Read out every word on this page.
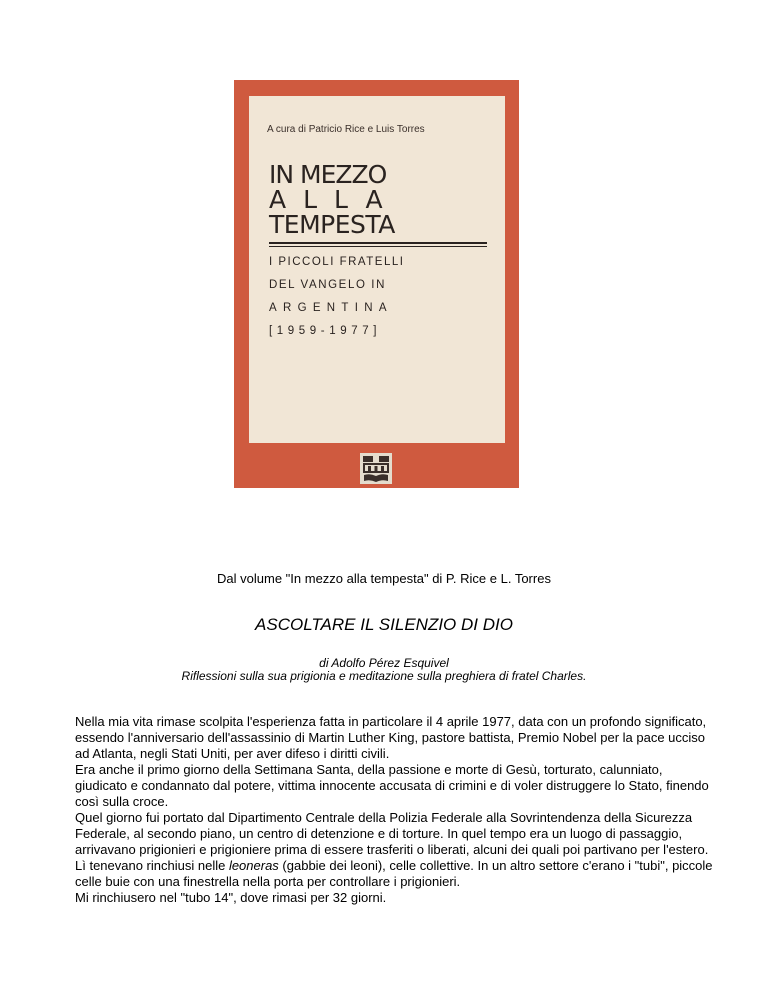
A cura di Patricio Rice e Luis Torres
IN MEZZO
ALLA
TEMPESTA
I PICCOLI FRATELLI
DEL VANGELO IN
ARGENTINA
[1959-1977]
Dal volume "In mezzo alla tempesta" di P. Rice e L. Torres
ASCOLTARE IL SILENZIO DI DIO
di Adolfo Pérez Esquivel
Riflessioni sulla sua prigionia e meditazione sulla preghiera di fratel Charles.

Nella mia vita rimase scolpita l'esperienza fatta in particolare il 4 aprile 1977, data con un profondo significato, essendo l'anniversario dell'assassinio di Martin Luther King, pastore battista, Premio Nobel per la pace ucciso ad Atlanta, negli Stati Uniti, per aver difeso i diritti civili.

Era anche il primo giorno della Settimana Santa, della passione e morte di Gesù, torturato, calunniato, giudicato e condannato dal potere, vittima innocente accusata di crimini e di voler distruggere lo Stato, finendo così sulla croce.

Quel giorno fui portato dal Dipartimento Centrale della Polizia Federale alla Sovrintendenza della Sicurezza Federale, al secondo piano, un centro di detenzione e di torture. In quel tempo era un luogo di passaggio, arrivavano prigionieri e prigioniere prima di essere trasferiti o liberati, alcuni dei quali poi partivano per l'estero. Lì tenevano rinchiusi nelle leoneras (gabbie dei leoni), celle collettive. In un altro settore c'erano i "tubi", piccole celle buie con una finestrella nella porta per controllare i prigionieri.

Mi rinchiusero nel "tubo 14", dove rimasi per 32 giorni.
